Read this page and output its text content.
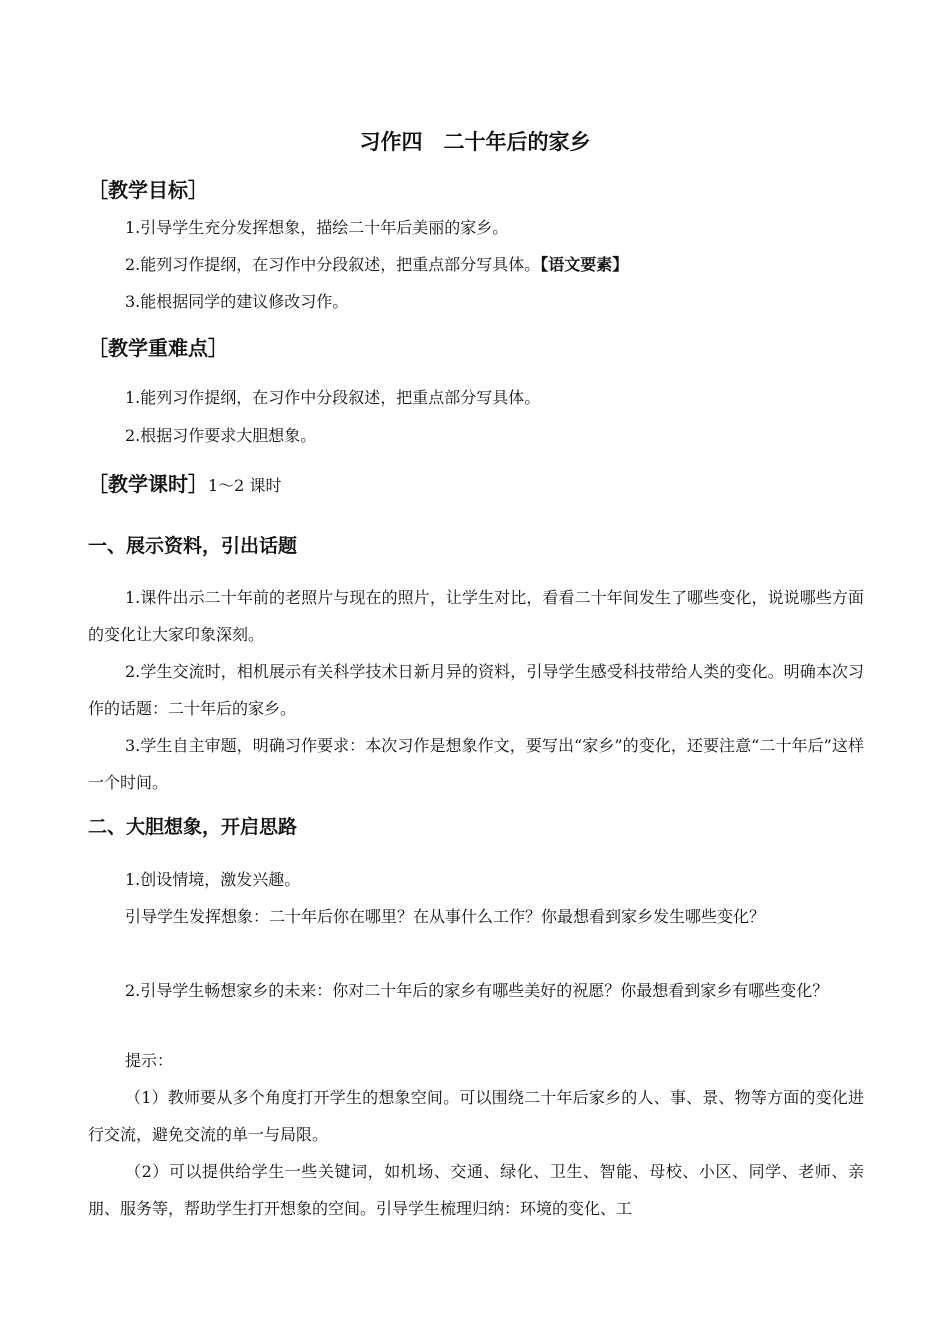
习作四　二十年后的家乡
［教学目标］

1.引导学生充分发挥想象，描绘二十年后美丽的家乡。

2.能列习作提纲，在习作中分段叙述，把重点部分写具体。【语文要素】

3.能根据同学的建议修改习作。

［教学重难点］

1.能列习作提纲，在习作中分段叙述，把重点部分写具体。

2.根据习作要求大胆想象。

［教学课时］1～2 课时
一、展示资料，引出话题

1.课件出示二十年前的老照片与现在的照片，让学生对比，看看二十年间发生了哪些变化，说说哪些方面的变化让大家印象深刻。

2.学生交流时，相机展示有关科学技术日新月异的资料，引导学生感受科技带给人类的变化。明确本次习作的话题：二十年后的家乡。

3.学生自主审题，明确习作要求：本次习作是想象作文，要写出“家乡”的变化，还要注意“二十年后”这样一个时间。

二、大胆想象，开启思路

1.创设情境，激发兴趣。

引导学生发挥想象：二十年后你在哪里？在从事什么工作？你最想看到家乡发生哪些变化？

2.引导学生畅想家乡的未来：你对二十年后的家乡有哪些美好的祝愿？你最想看到家乡有哪些变化？

提示：

（1）教师要从多个角度打开学生的想象空间。可以围绕二十年后家乡的人、事、景、物等方面的变化进行交流，避免交流的单一与局限。

（2）可以提供给学生一些关键词，如机场、交通、绿化、卫生、智能、母校、小区、同学、老师、亲朋、服务等，帮助学生打开想象的空间。引导学生梳理归纳：环境的变化、工
